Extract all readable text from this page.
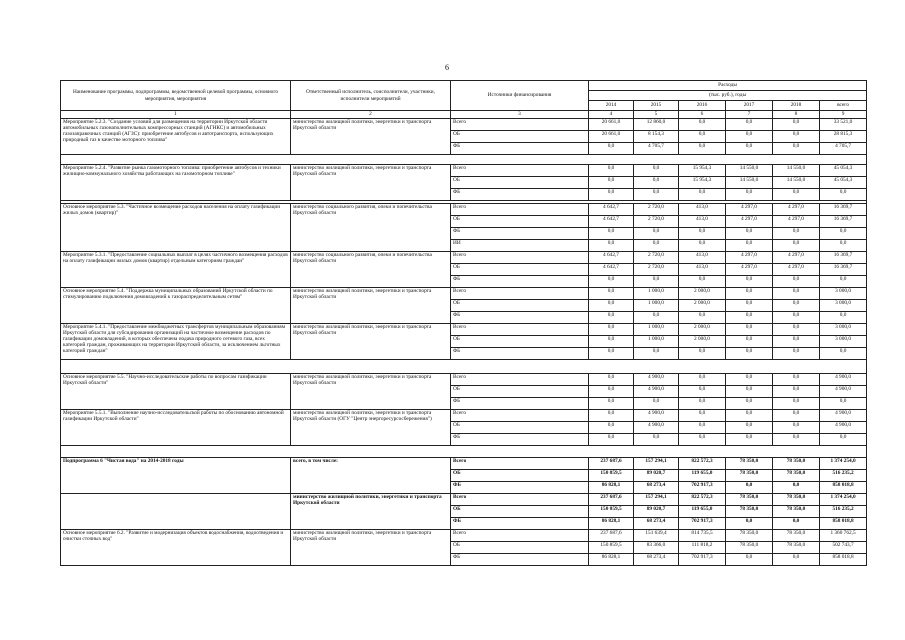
6
Наименование программы, подпрограммы, ведомственной целевой программы, основного мероприятия, мероприятия	Ответственный исполнитель, соисполнители, участники, исполнители мероприятий	Источники финансирования	Расходы					
			(тыс. руб.), годы					
			2014	2015	2016	2017	2018	всего
1	2	3	4	5	6	7	8	9
Мероприятие 5.2.3. "Создание условий для размещения на территории Иркутской области автомобильных газонаполнительных компрессорных станций (АГНКС) и автомобильных газозаправочных станций (АГЗС): приобретение автобусов и автотранспорта, использующих природный газ в качестве моторного топлива"	министерство жилищной политики, энергетики и транспорта Иркутской области	Всего	20 661,0	12 860,0	0,0	0,0	0,0	33 521,0
		ОБ	20 661,0	8 154,3	0,0	0,0	0,0	28 815,3
		ФБ	0,0	4 705,7	0,0	0,0	0,0	4 705,7

Мероприятие 5.2.4. "Развитие рынка газомоторного топлива: приобретение автобусов и техники жилищно-коммунального хозяйства работающих на газомоторном топливе"	министерство жилищной политики, энергетики и транспорта Иркутской области	Всего	0,0	0,0	15 954,3	14 550,0	14 550,0	45 054,3
		ОБ	0,0	0,0	15 954,3	14 550,0	14 550,0	45 054,3
		ФБ	0,0	0,0	0,0	0,0	0,0	0,0

Основное мероприятие 5.3. "Частичное возмещение расходов населения на оплату газификации жилых домов (квартир)"	министерство социального развития, опеки и попечительства Иркутской области	Всего	4 642,7	2 720,0	413,0	4 297,0	4 297,0	16 369,7
		ОБ	4 642,7	2 720,0	413,0	4 297,0	4 297,0	16 369,7
		ФБ	0,0	0,0	0,0	0,0	0,0	0,0
		ИИ	0,0	0,0	0,0	0,0	0,0	0,0
Мероприятие 5.3.1. "Предоставление социальных выплат в целях частичного возмещения расходов на оплату газификации жилых домов (квартир) отдельным категориям граждан"	министерство социального развития, опеки и попечительства Иркутской области	Всего	4 642,7	2 720,0	413,0	4 297,0	4 297,0	16 369,7
		ОБ	4 642,7	2 720,0	413,0	4 297,0	4 297,0	16 369,7
		ФБ	0,0	0,0	0,0	0,0	0,0	0,0
Основное мероприятие 5.4. "Поддержка муниципальных образований Иркутской области по стимулированию подключения домовладений к газораспределительным сетям"	министерство жилищной политики, энергетики и транспорта Иркутской области	Всего	0,0	1 000,0	2 000,0	0,0	0,0	3 000,0
		ОБ	0,0	1 000,0	2 000,0	0,0	0,0	3 000,0
		ФБ	0,0	0,0	0,0	0,0	0,0	0,0
Мероприятие 5.4.1. "Предоставление межбюджетных трансфертов муниципальным образованиям Иркутской области для субсидирования организаций на частичное возмещение расходов по газификации домовладений, в которых обеспечена подача природного сетевого газа, всех категорий граждан, проживающих на территории Иркутской области, за исключением льготных категорий граждан"	министерство жилищной политики, энергетики и транспорта Иркутской области	Всего	0,0	1 000,0	2 000,0	0,0	0,0	3 000,0
		ОБ	0,0	1 000,0	2 000,0	0,0	0,0	3 000,0
		ФБ	0,0	0,0	0,0	0,0	0,0	0,0

Основное мероприятие 5.5. "Научно-исследовательские работы по вопросам газификации Иркутской области"	министерство жилищной политики, энергетики и транспорта Иркутской области	Всего	0,0	4 900,0	0,0	0,0	0,0	4 900,0
		ОБ	0,0	4 900,0	0,0	0,0	0,0	4 900,0
		ФБ	0,0	0,0	0,0	0,0	0,0	0,0
Мероприятие 5.5.1. "Выполнение научно-исследовательской работы по обоснованию автономной газификации Иркутской области"	министерство жилищной политики, энергетики и транспорта Иркутской области (ОГУ "Центр энергоресурсосбережения")	Всего	0,0	4 900,0	0,0	0,0	0,0	4 900,0
		ОБ	0,0	4 900,0	0,0	0,0	0,0	4 900,0
		ФБ	0,0	0,0	0,0	0,0	0,0	0,0

Подпрограмма 6 "Чистая вода" на 2014-2018 годы	всего, в том числе:	Всего	237 687,6	157 294,1	822 572,3	78 350,0	78 350,0	1 374 254,0
		ОБ	150 859,5	89 020,7	119 655,0	78 350,0	78 350,0	516 235,2
		ФБ	86 828,1	68 273,4	702 917,3	0,0	0,0	858 018,8
	министерство жилищной политики, энергетики и транспорта Иркутской области	Всего	237 687,6	157 294,1	822 572,3	78 350,0	78 350,0	1 374 254,0
		ОБ	150 859,5	89 020,7	119 655,0	78 350,0	78 350,0	516 235,2
		ФБ	86 828,1	68 273,4	702 917,3	0,0	0,0	858 018,8
Основное мероприятие 6.2. "Развитие и модернизация объектов водоснабжения, водоотведения и очистки сточных вод"	министерство жилищной политики, энергетики и транспорта Иркутской области	Всего	237 687,6	151 639,4	814 735,5	78 350,0	78 350,0	1 360 762,5
		ОБ	150 859,5	83 366,0	111 818,2	78 350,0	78 350,0	502 743,7
		ФБ	86 828,1	68 273,4	702 917,3	0,0	0,0	858 018,8
